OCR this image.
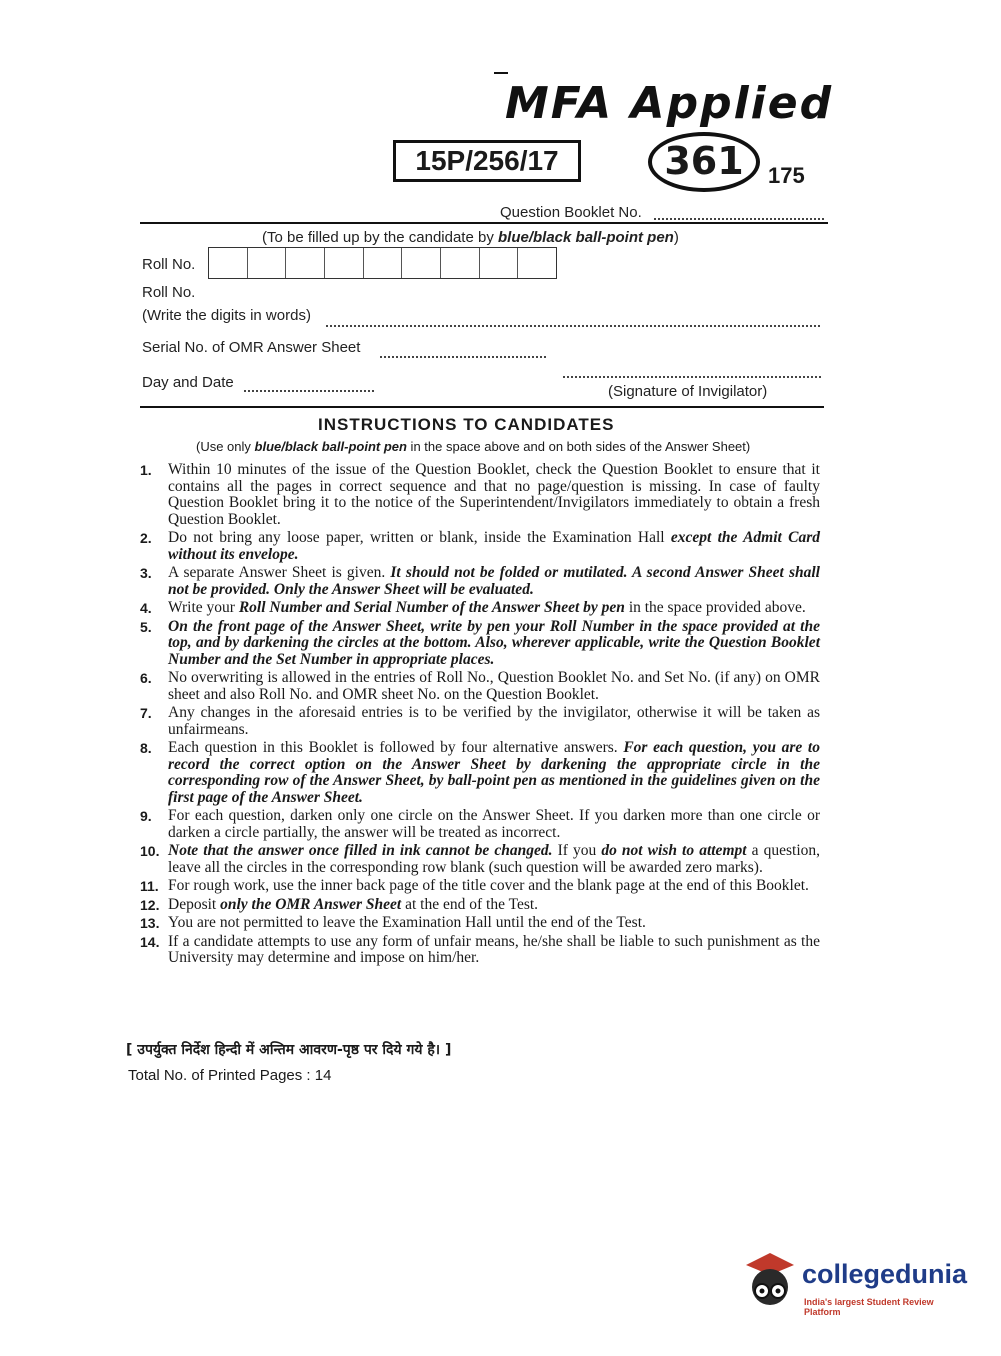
MFA Applied
15P/256/17	361	175
Question Booklet No.
(To be filled up by the candidate by blue/black ball-point pen)
Roll No.
Roll No.
(Write the digits in words)
Serial No. of OMR Answer Sheet
Day and Date
(Signature of Invigilator)
INSTRUCTIONS TO CANDIDATES
(Use only blue/black ball-point pen in the space above and on both sides of the Answer Sheet)
1.	Within 10 minutes of the issue of the Question Booklet, check the Question Booklet to ensure that it contains all the pages in correct sequence and that no page/question is missing. In case of faulty Question Booklet bring it to the notice of the Superintendent/Invigilators immediately to obtain a fresh Question Booklet.
2.	Do not bring any loose paper, written or blank, inside the Examination Hall except the Admit Card without its envelope.
3.	A separate Answer Sheet is given. It should not be folded or mutilated. A second Answer Sheet shall not be provided. Only the Answer Sheet will be evaluated.
4.	Write your Roll Number and Serial Number of the Answer Sheet by pen in the space provided above.
5.	On the front page of the Answer Sheet, write by pen your Roll Number in the space provided at the top, and by darkening the circles at the bottom. Also, wherever applicable, write the Question Booklet Number and the Set Number in appropriate places.
6.	No overwriting is allowed in the entries of Roll No., Question Booklet No. and Set No. (if any) on OMR sheet and also Roll No. and OMR sheet No. on the Question Booklet.
7.	Any changes in the aforesaid entries is to be verified by the invigilator, otherwise it will be taken as unfairmeans.
8.	Each question in this Booklet is followed by four alternative answers. For each question, you are to record the correct option on the Answer Sheet by darkening the appropriate circle in the corresponding row of the Answer Sheet, by ball-point pen as mentioned in the guidelines given on the first page of the Answer Sheet.
9.	For each question, darken only one circle on the Answer Sheet. If you darken more than one circle or darken a circle partially, the answer will be treated as incorrect.
10. Note that the answer once filled in ink cannot be changed. If you do not wish to attempt a question, leave all the circles in the corresponding row blank (such question will be awarded zero marks).
11. For rough work, use the inner back page of the title cover and the blank page at the end of this Booklet.
12. Deposit only the OMR Answer Sheet at the end of the Test.
13. You are not permitted to leave the Examination Hall until the end of the Test.
14. If a candidate attempts to use any form of unfair means, he/she shall be liable to such punishment as the University may determine and impose on him/her.
[ उपर्युक्त निर्देश हिन्दी में अन्तिम आवरण-पृष्ठ पर दिये गये है। ]
Total No. of Printed Pages : 14
collegedunia
India's largest Student Review Platform
